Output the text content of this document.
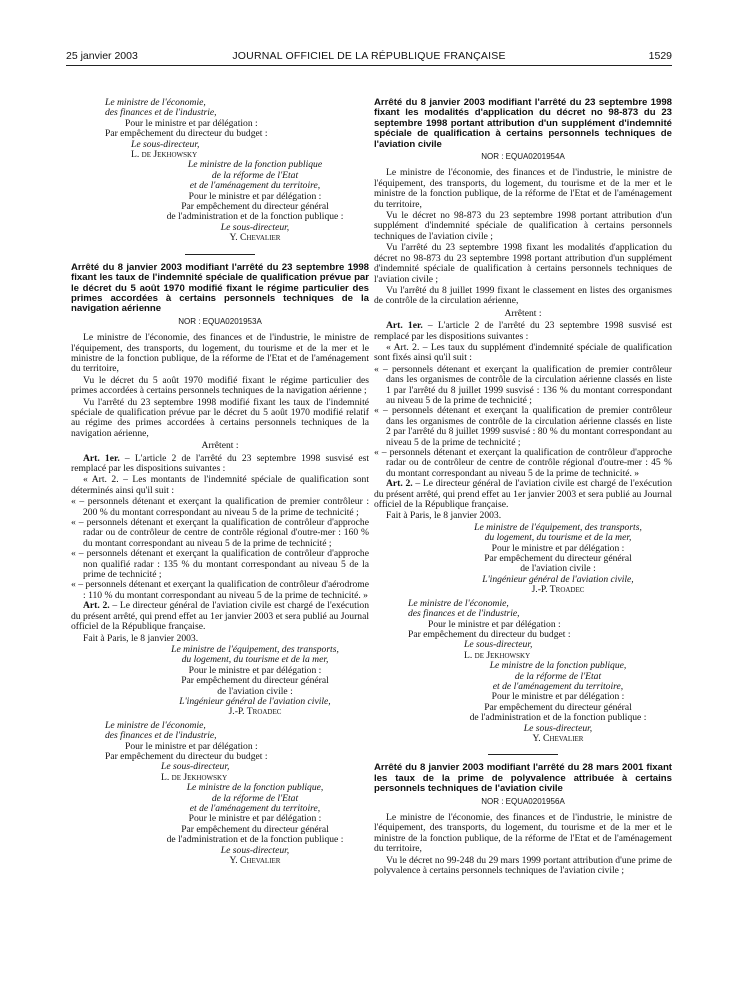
25 janvier 2003	JOURNAL OFFICIEL DE LA RÉPUBLIQUE FRANÇAISE	1529

Le ministre de l'économie,

des finances et de l'industrie,

Pour le ministre et par délégation :

Par empêchement du directeur du budget :

Le sous-directeur,

L. de Jekhowsky

Le ministre de la fonction publique

de la réforme de l'Etat

et de l'aménagement du territoire,

Pour le ministre et par délégation :

Par empêchement du directeur général

de l'administration et de la fonction publique :

Le sous-directeur,

Y. Chevalier

Arrêté du 8 janvier 2003 modifiant l'arrêté du 23 septembre 1998 fixant les taux de l'indemnité spéciale de qualification prévue par le décret du 5 août 1970 modifié fixant le régime particulier des primes accordées à certains personnels techniques de la navigation aérienne

NOR : EQUA0201953A

Le ministre de l'économie, des finances et de l'industrie, le ministre de l'équipement, des transports, du logement, du tourisme et de la mer et le ministre de la fonction publique, de la réforme de l'Etat et de l'aménagement du territoire,

Vu le décret du 5 août 1970 modifié fixant le régime particulier des primes accordées à certains personnels techniques de la navigation aérienne ;

Vu l'arrêté du 23 septembre 1998 modifié fixant les taux de l'indemnité spéciale de qualification prévue par le décret du 5 août 1970 modifié relatif au régime des primes accordées à certains personnels techniques de la navigation aérienne,

Arrêtent :

Art. 1er. – L'article 2 de l'arrêté du 23 septembre 1998 susvisé est remplacé par les dispositions suivantes :

« Art. 2. – Les montants de l'indemnité spéciale de qualification sont déterminés ainsi qu'il suit :

« – personnels détenant et exerçant la qualification de premier contrôleur : 200 % du montant correspondant au niveau 5 de la prime de technicité ;

« – personnels détenant et exerçant la qualification de contrôleur d'approche radar ou de contrôleur de centre de contrôle régional d'outre-mer : 160 % du montant correspondant au niveau 5 de la prime de technicité ;

« – personnels détenant et exerçant la qualification de contrôleur d'approche non qualifié radar : 135 % du montant correspondant au niveau 5 de la prime de technicité ;

« – personnels détenant et exerçant la qualification de contrôleur d'aérodrome : 110 % du montant correspondant au niveau 5 de la prime de technicité. »

Art. 2. – Le directeur général de l'aviation civile est chargé de l'exécution du présent arrêté, qui prend effet au 1er janvier 2003 et sera publié au Journal officiel de la République française.

Fait à Paris, le 8 janvier 2003.

Le ministre de l'équipement, des transports,

du logement, du tourisme et de la mer,

Pour le ministre et par délégation :

Par empêchement du directeur général

de l'aviation civile :

L'ingénieur général de l'aviation civile,

J.-P. Troadec

Le ministre de l'économie,

des finances et de l'industrie,

Pour le ministre et par délégation :

Par empêchement du directeur du budget :

Le sous-directeur,

L. de Jekhowsky

Le ministre de la fonction publique,

de la réforme de l'Etat

et de l'aménagement du territoire,

Pour le ministre et par délégation :

Par empêchement du directeur général

de l'administration et de la fonction publique :

Le sous-directeur,

Y. Chevalier

Arrêté du 8 janvier 2003 modifiant l'arrêté du 23 septembre 1998 fixant les modalités d'application du décret no 98-873 du 23 septembre 1998 portant attribution d'un supplément d'indemnité spéciale de qualification à certains personnels techniques de l'aviation civile

NOR : EQUA0201954A

Le ministre de l'économie, des finances et de l'industrie, le ministre de l'équipement, des transports, du logement, du tourisme et de la mer et le ministre de la fonction publique, de la réforme de l'Etat et de l'aménagement du territoire,

Vu le décret no 98-873 du 23 septembre 1998 portant attribution d'un supplément d'indemnité spéciale de qualification à certains personnels techniques de l'aviation civile ;

Vu l'arrêté du 23 septembre 1998 fixant les modalités d'application du décret no 98-873 du 23 septembre 1998 portant attribution d'un supplément d'indemnité spéciale de qualification à certains personnels techniques de l'aviation civile ;

Vu l'arrêté du 8 juillet 1999 fixant le classement en listes des organismes de contrôle de la circulation aérienne,

Arrêtent :

Art. 1er. – L'article 2 de l'arrêté du 23 septembre 1998 susvisé est remplacé par les dispositions suivantes :

« Art. 2. – Les taux du supplément d'indemnité spéciale de qualification sont fixés ainsi qu'il suit :

« – personnels détenant et exerçant la qualification de premier contrôleur dans les organismes de contrôle de la circulation aérienne classés en liste 1 par l'arrêté du 8 juillet 1999 susvisé : 136 % du montant correspondant au niveau 5 de la prime de technicité ;

« – personnels détenant et exerçant la qualification de premier contrôleur dans les organismes de contrôle de la circulation aérienne classés en liste 2 par l'arrêté du 8 juillet 1999 susvisé : 80 % du montant correspondant au niveau 5 de la prime de technicité ;

« – personnels détenant et exerçant la qualification de contrôleur d'approche radar ou de contrôleur de centre de contrôle régional d'outre-mer : 45 % du montant correspondant au niveau 5 de la prime de technicité. »

Art. 2. – Le directeur général de l'aviation civile est chargé de l'exécution du présent arrêté, qui prend effet au 1er janvier 2003 et sera publié au Journal officiel de la République française.

Fait à Paris, le 8 janvier 2003.

Le ministre de l'équipement, des transports,

du logement, du tourisme et de la mer,

Pour le ministre et par délégation :

Par empêchement du directeur général

de l'aviation civile :

L'ingénieur général de l'aviation civile,

J.-P. Troadec

Le ministre de l'économie,

des finances et de l'industrie,

Pour le ministre et par délégation :

Par empêchement du directeur du budget :

Le sous-directeur,

L. de Jekhowsky

Le ministre de la fonction publique,

de la réforme de l'Etat

et de l'aménagement du territoire,

Pour le ministre et par délégation :

Par empêchement du directeur général

de l'administration et de la fonction publique :

Le sous-directeur,

Y. Chevalier

Arrêté du 8 janvier 2003 modifiant l'arrêté du 28 mars 2001 fixant les taux de la prime de polyvalence attribuée à certains personnels techniques de l'aviation civile

NOR : EQUA0201956A

Le ministre de l'économie, des finances et de l'industrie, le ministre de l'équipement, des transports, du logement, du tourisme et de la mer et le ministre de la fonction publique, de la réforme de l'Etat et de l'aménagement du territoire,

Vu le décret no 99-248 du 29 mars 1999 portant attribution d'une prime de polyvalence à certains personnels techniques de l'aviation civile ;
